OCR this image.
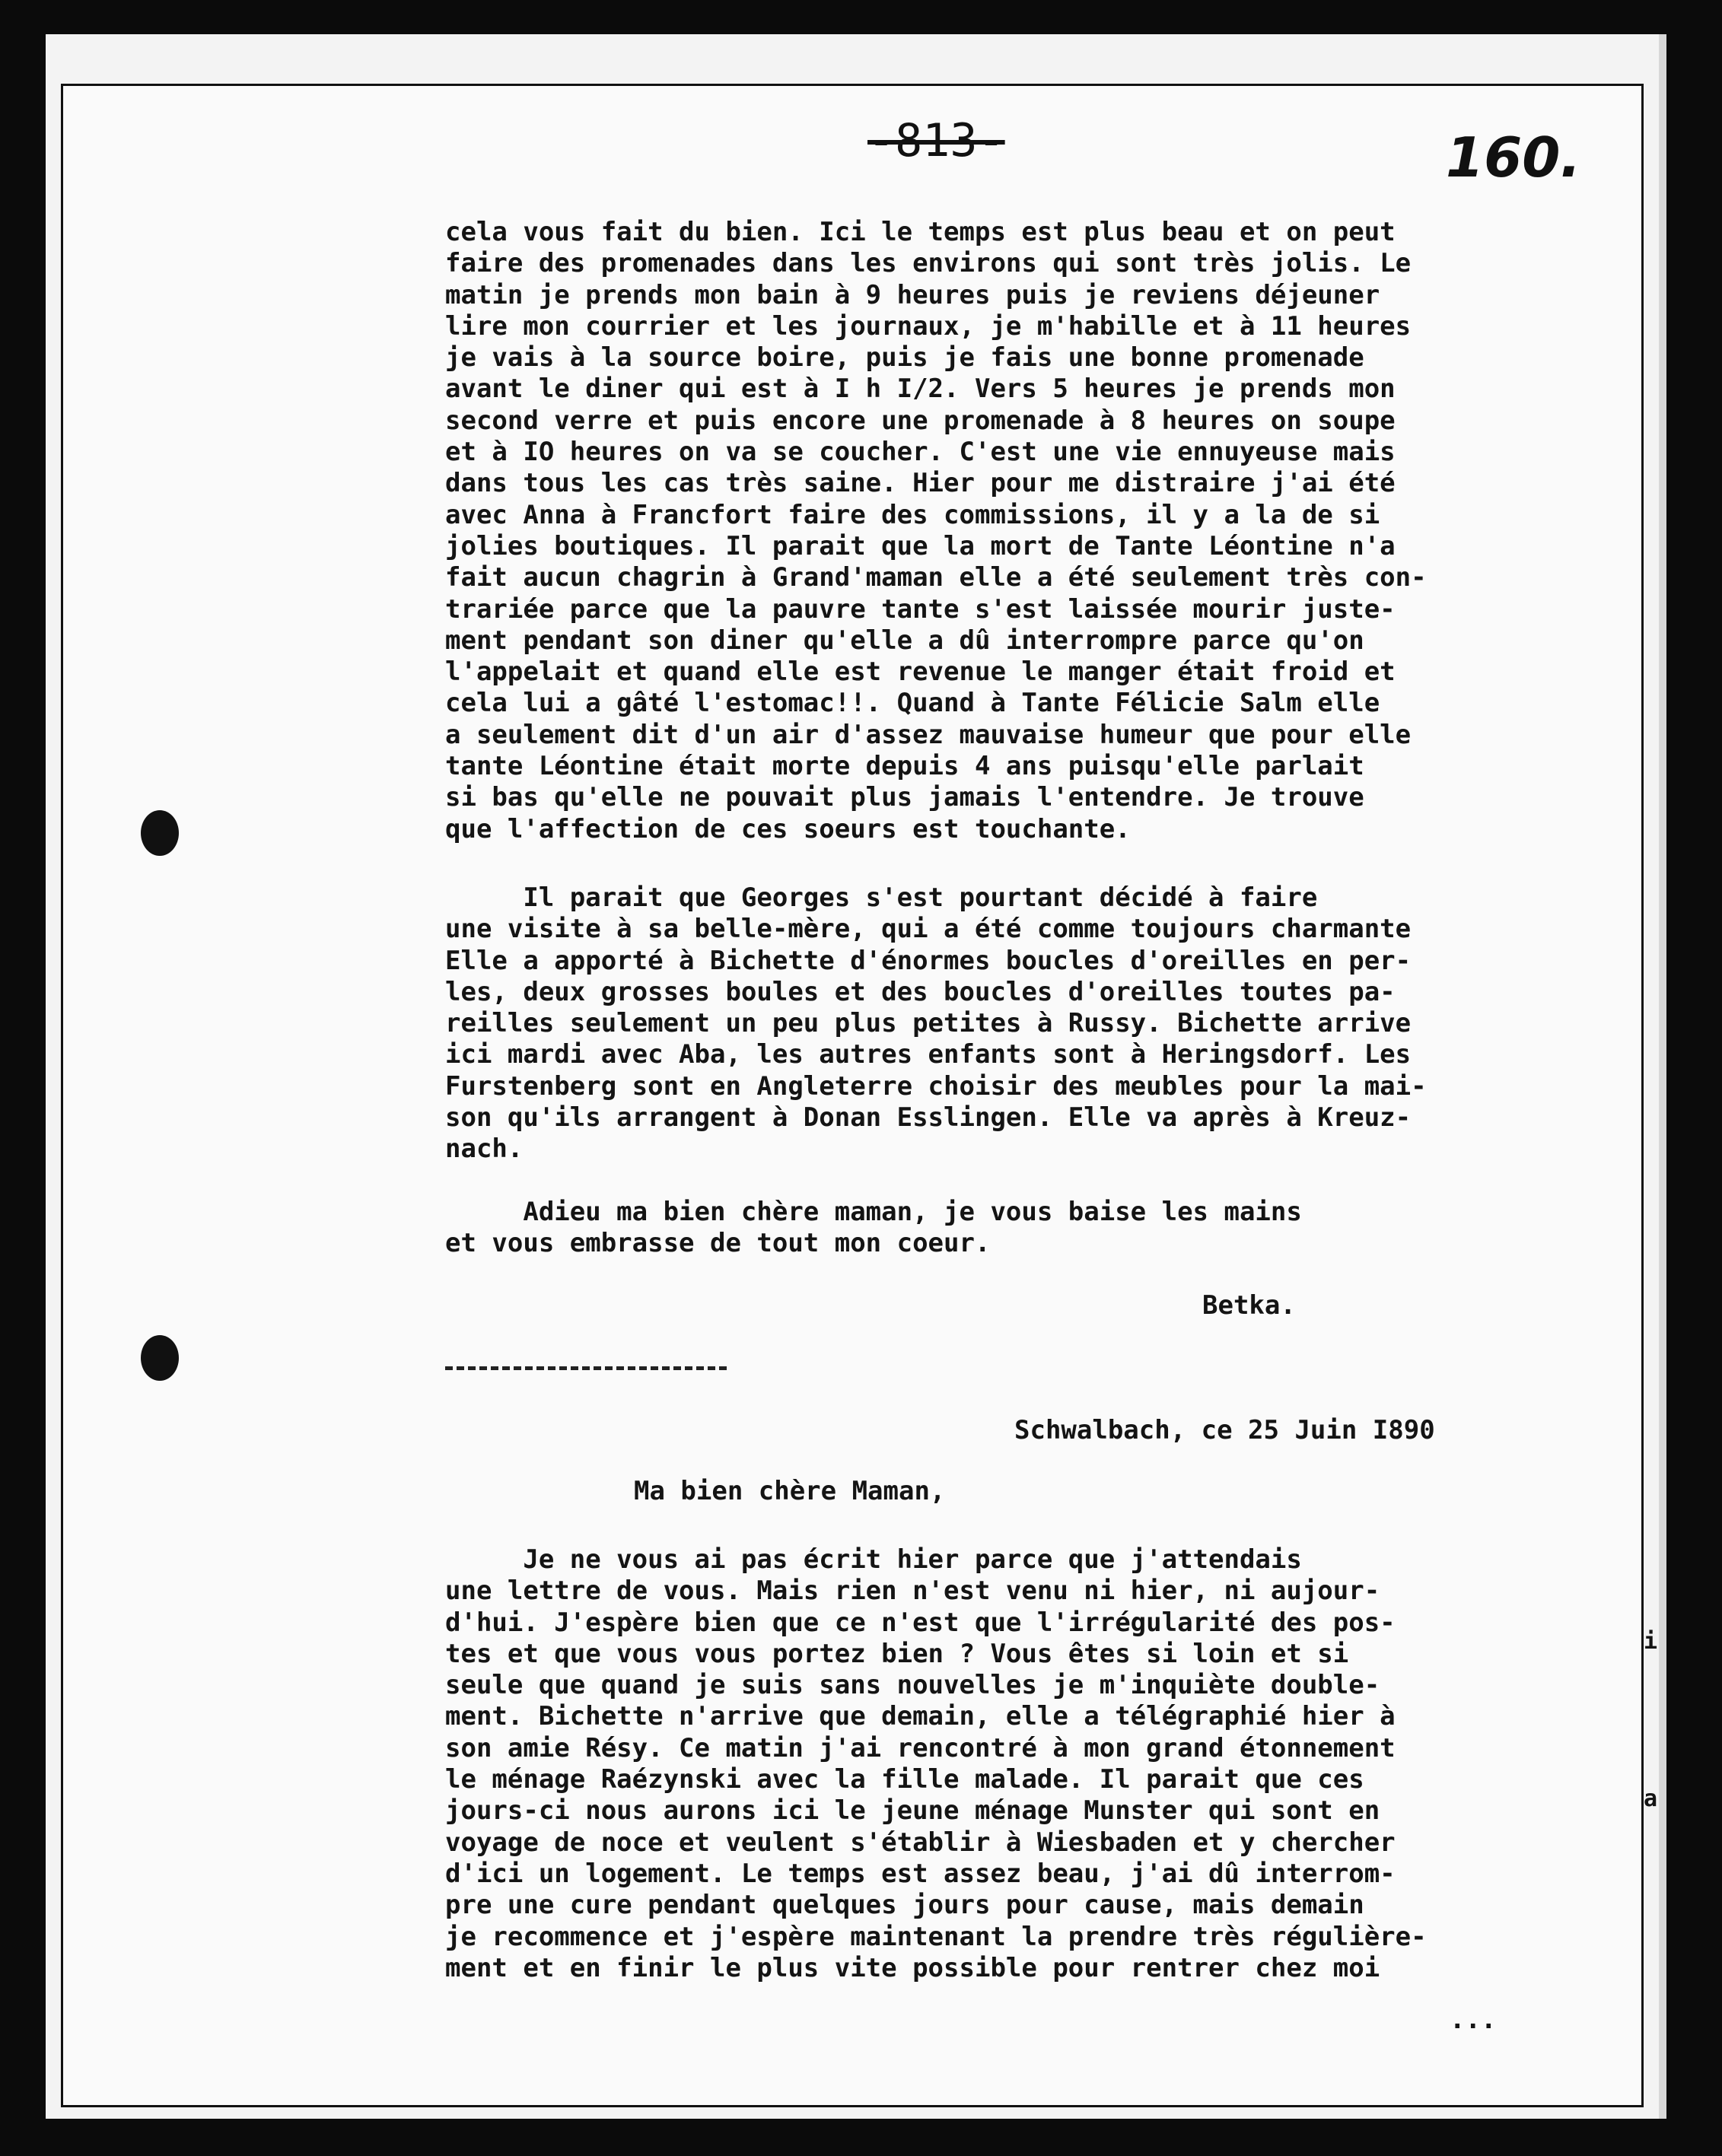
-813-	160.
cela vous fait du bien. Ici le temps est plus beau et on peut
faire des promenades dans les environs qui sont très jolis. Le
matin je prends mon bain à 9 heures puis je reviens déjeuner
lire mon courrier et les journaux, je m'habille et à 11 heures
je vais à la source boire, puis je fais une bonne promenade
avant le diner qui est à I h I/2. Vers 5 heures je prends mon
second verre et puis encore une promenade à 8 heures on soupe
et à IO heures on va se coucher. C'est une vie ennuyeuse mais
dans tous les cas très saine. Hier pour me distraire j'ai été
avec Anna à Francfort faire des commissions, il y a la de si
jolies boutiques. Il parait que la mort de Tante Léontine n'a
fait aucun chagrin à Grand'maman elle a été seulement très con-
trariée parce que la pauvre tante s'est laissée mourir juste-
ment pendant son diner qu'elle a dû interrompre parce qu'on
l'appelait et quand elle est revenue le manger était froid et
cela lui a gâté l'estomac!!. Quand à Tante Félicie Salm elle
a seulement dit d'un air d'assez mauvaise humeur que pour elle
tante Léontine était morte depuis 4 ans puisqu'elle parlait
si bas qu'elle ne pouvait plus jamais l'entendre. Je trouve
que l'affection de ces soeurs est touchante.
Il parait que Georges s'est pourtant décidé à faire
une visite à sa belle-mère, qui a été comme toujours charmante
Elle a apporté à Bichette d'énormes boucles d'oreilles en per-
les, deux grosses boules et des boucles d'oreilles toutes pa-
reilles seulement un peu plus petites à Russy. Bichette arrive
ici mardi avec Aba, les autres enfants sont à Heringsdorf. Les
Furstenberg sont en Angleterre choisir des meubles pour la mai-
son qu'ils arrangent à Donan Esslingen. Elle va après à Kreuz-
nach.
Adieu ma bien chère maman, je vous baise les mains
et vous embrasse de tout mon coeur.
Betka.
Schwalbach, ce 25 Juin I890
Ma bien chère Maman,
Je ne vous ai pas écrit hier parce que j'attendais
une lettre de vous. Mais rien n'est venu ni hier, ni aujour-
d'hui. J'espère bien que ce n'est que l'irrégularité des pos-
tes et que vous vous portez bien ? Vous êtes si loin et si
seule que quand je suis sans nouvelles je m'inquiète double-
ment. Bichette n'arrive que demain, elle a télégraphié hier à
son amie Résy. Ce matin j'ai rencontré à mon grand étonnement
le ménage Raézynski avec la fille malade. Il parait que ces
jours-ci nous aurons ici le jeune ménage Munster qui sont en
voyage de noce et veulent s'établir à Wiesbaden et y chercher
d'ici un logement. Le temps est assez beau, j'ai dû interrom-
pre une cure pendant quelques jours pour cause, mais demain
je recommence et j'espère maintenant la prendre très régulière-
ment et en finir le plus vite possible pour rentrer chez moi
...
i
a
